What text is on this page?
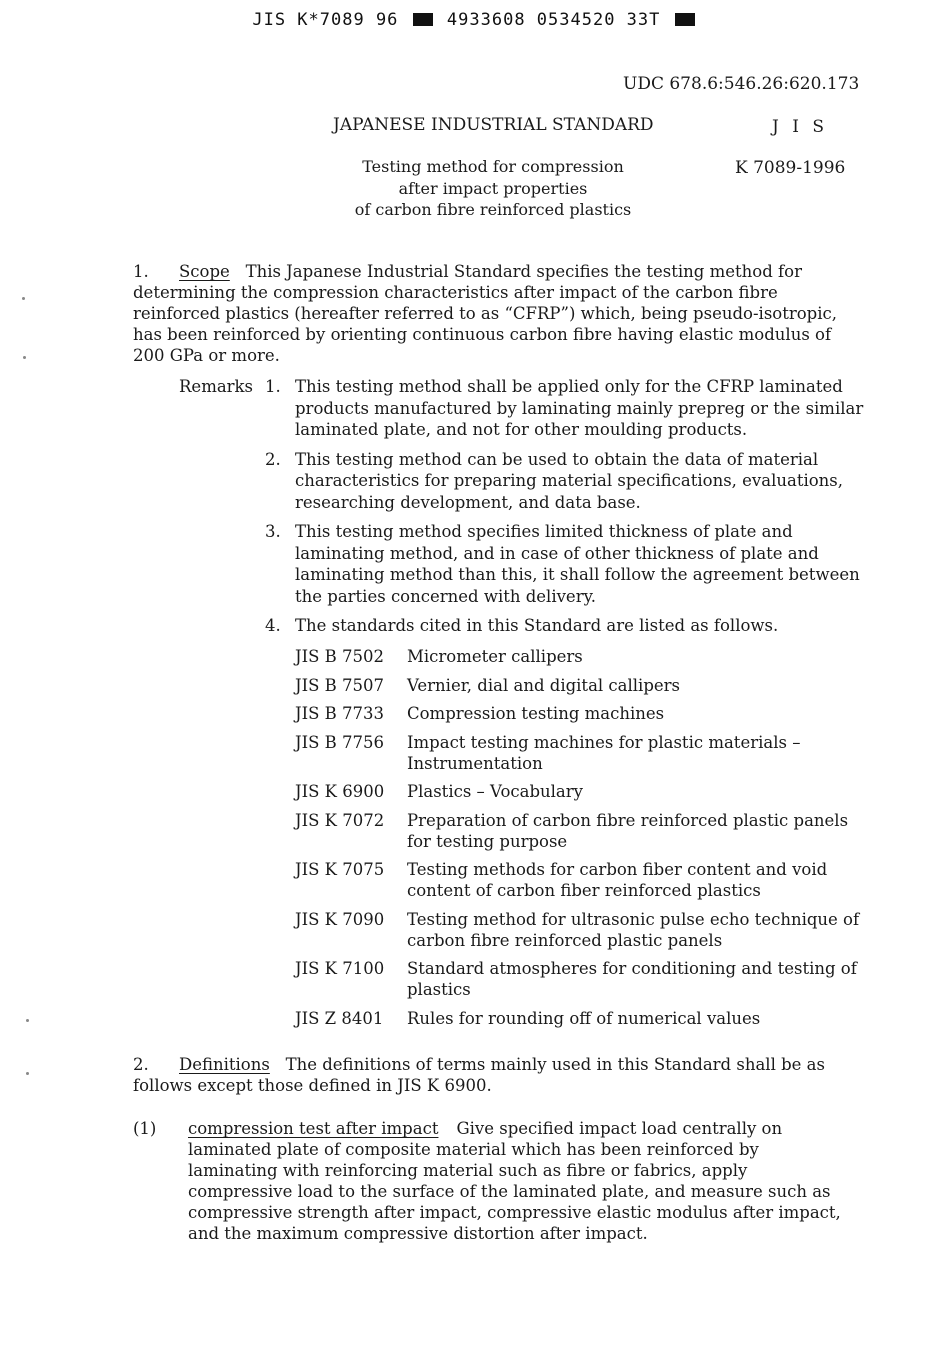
JIS K*7089 96	4933608 0534520 33T
UDC 678.6:546.26:620.173
JAPANESE INDUSTRIAL STANDARD	J I S
Testing method for compression
after impact properties
of carbon fibre reinforced plastics
K 7089-1996
1. Scope This Japanese Industrial Standard specifies the testing method for determining the compression characteristics after impact of the carbon fibre reinforced plastics (hereafter referred to as “CFRP”) which, being pseudo-isotropic, has been reinforced by orienting continuous carbon fibre having elastic modulus of 200 GPa or more.
Remarks 1. This testing method shall be applied only for the CFRP laminated products manufactured by laminating mainly prepreg or the similar laminated plate, and not for other moulding products.
2. This testing method can be used to obtain the data of material characteristics for preparing material specifications, evaluations, researching development, and data base.
3. This testing method specifies limited thickness of plate and laminating method, and in case of other thickness of plate and laminating method than this, it shall follow the agreement between the parties concerned with delivery.
4. The standards cited in this Standard are listed as follows.
JIS B 7502	Micrometer callipers
JIS B 7507	Vernier, dial and digital callipers
JIS B 7733	Compression testing machines
JIS B 7756	Impact testing machines for plastic materials – Instrumentation
JIS K 6900	Plastics – Vocabulary
JIS K 7072	Preparation of carbon fibre reinforced plastic panels for testing purpose
JIS K 7075	Testing methods for carbon fiber content and void content of carbon fiber reinforced plastics
JIS K 7090	Testing method for ultrasonic pulse echo technique of carbon fibre reinforced plastic panels
JIS K 7100	Standard atmospheres for conditioning and testing of plastics
JIS Z 8401	Rules for rounding off of numerical values
2. Definitions The definitions of terms mainly used in this Standard shall be as follows except those defined in JIS K 6900.
(1)	compression test after impact Give specified impact load centrally on laminated plate of composite material which has been reinforced by laminating with reinforcing material such as fibre or fabrics, apply compressive load to the surface of the laminated plate, and measure such as compressive strength after impact, compressive elastic modulus after impact, and the maximum compressive distortion after impact.
